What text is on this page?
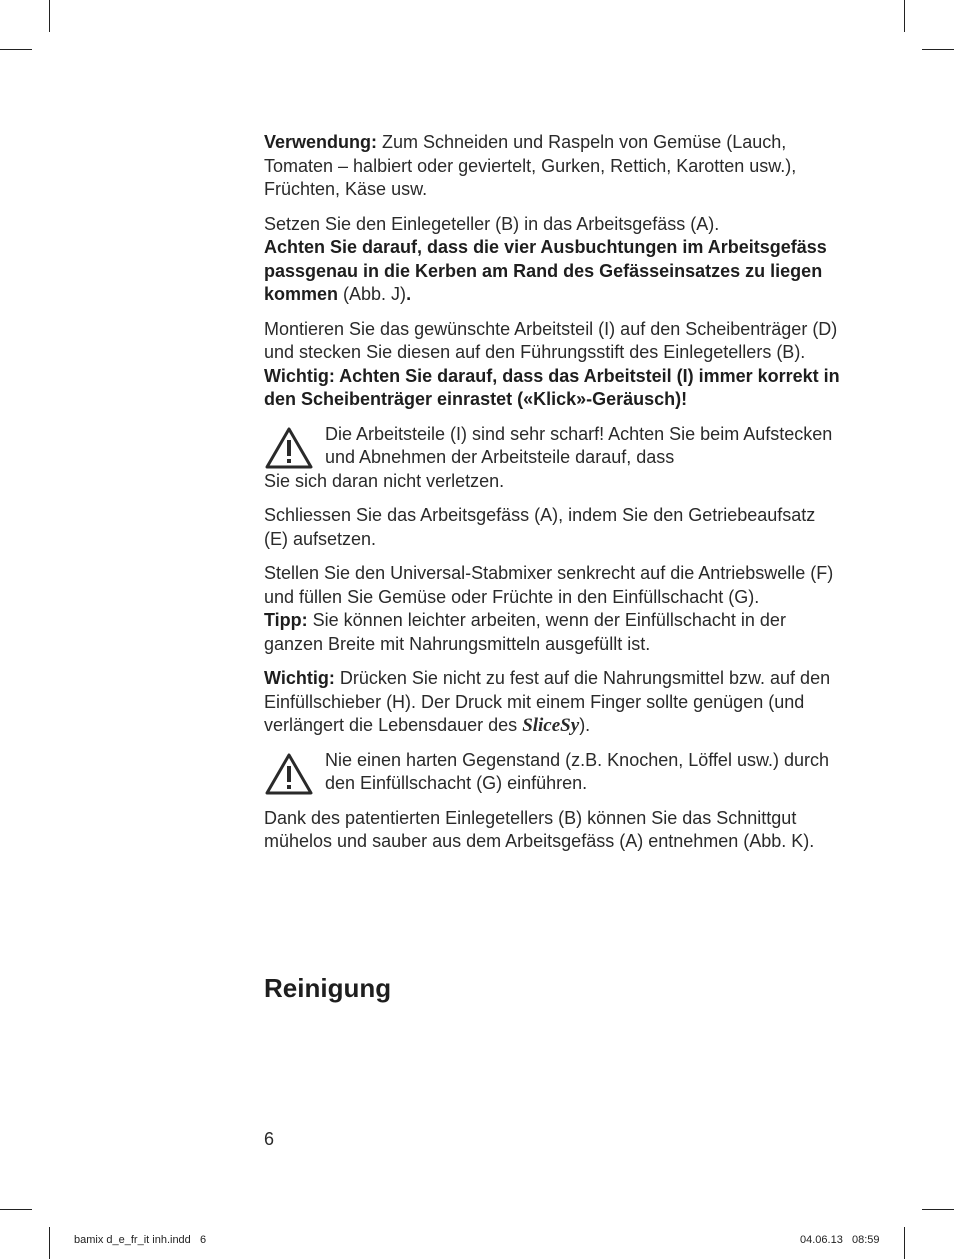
Verwendung: Zum Schneiden und Raspeln von Gemüse (Lauch, Tomaten – halbiert oder geviertelt, Gurken, Rettich, Karotten usw.), Früchten, Käse usw.

Setzen Sie den Einlegeteller (B) in das Arbeitsgefäss (A).
Achten Sie darauf, dass die vier Ausbuchtungen im Arbeitsgefäss passgenau in die Kerben am Rand des Gefässeinsatzes zu liegen kommen (Abb. J).

Montieren Sie das gewünschte Arbeitsteil (I) auf den Scheibenträger (D) und stecken Sie diesen auf den Führungsstift des Einlegetellers (B). Wichtig: Achten Sie darauf, dass das Arbeitsteil (I) immer korrekt in den Scheibenträger einrastet («Klick»-Geräusch)!

Die Arbeitsteile (I) sind sehr scharf! Achten Sie beim Aufstecken und Abnehmen der Arbeitsteile darauf, dass
Sie sich daran nicht verletzen.

Schliessen Sie das Arbeitsgefäss (A), indem Sie den Getriebeaufsatz (E) aufsetzen.

Stellen Sie den Universal-Stabmixer senkrecht auf die Antriebswelle (F) und füllen Sie Gemüse oder Früchte in den Einfüllschacht (G).
Tipp: Sie können leichter arbeiten, wenn der Einfüllschacht in der ganzen Breite mit Nahrungsmitteln ausgefüllt ist.

Wichtig: Drücken Sie nicht zu fest auf die Nahrungsmittel bzw. auf den Einfüllschieber (H). Der Druck mit einem Finger sollte genügen (und verlängert die Lebensdauer des SliceSy).

Nie einen harten Gegenstand (z.B. Knochen, Löffel usw.) durch den Einfüllschacht (G) einführen.

Dank des patentierten Einlegetellers (B) können Sie das Schnittgut mühelos und sauber aus dem Arbeitsgefäss (A) entnehmen (Abb. K).

Reinigung
6
bamix d_e_fr_it inh.indd   6	04.06.13   08:59
